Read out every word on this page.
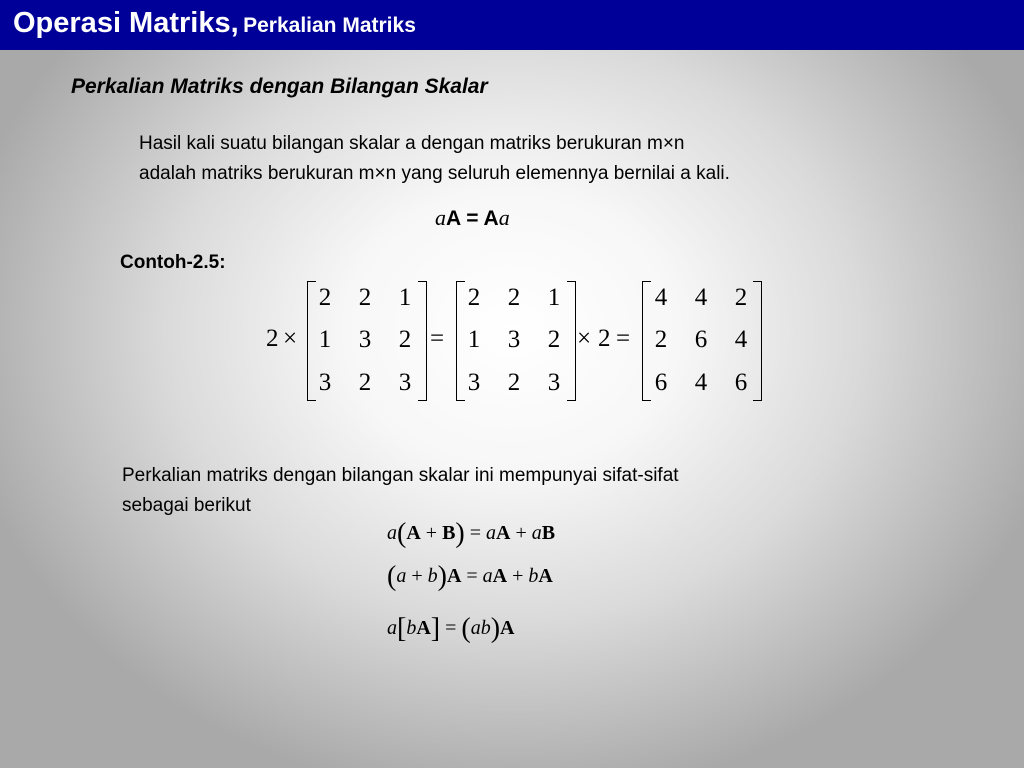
Operasi Matriks, Perkalian Matriks
Perkalian Matriks dengan Bilangan Skalar
Hasil kali suatu bilangan skalar a dengan matriks berukuran m×n
adalah matriks berukuran m×n yang seluruh elemennya bernilai a kali.
aA = Aa
Contoh-2.5:
2 ×
2	2	1
1	3	2
3	2	3
=
2	2	1
1	3	2
3	2	3
× 2 =
4	4	2
2	6	4
6	4	6
Perkalian matriks dengan bilangan skalar ini mempunyai sifat-sifat
sebagai berikut
a(A + B) = aA + aB
(a + b)A = aA + bA
a[bA] = (ab)A
